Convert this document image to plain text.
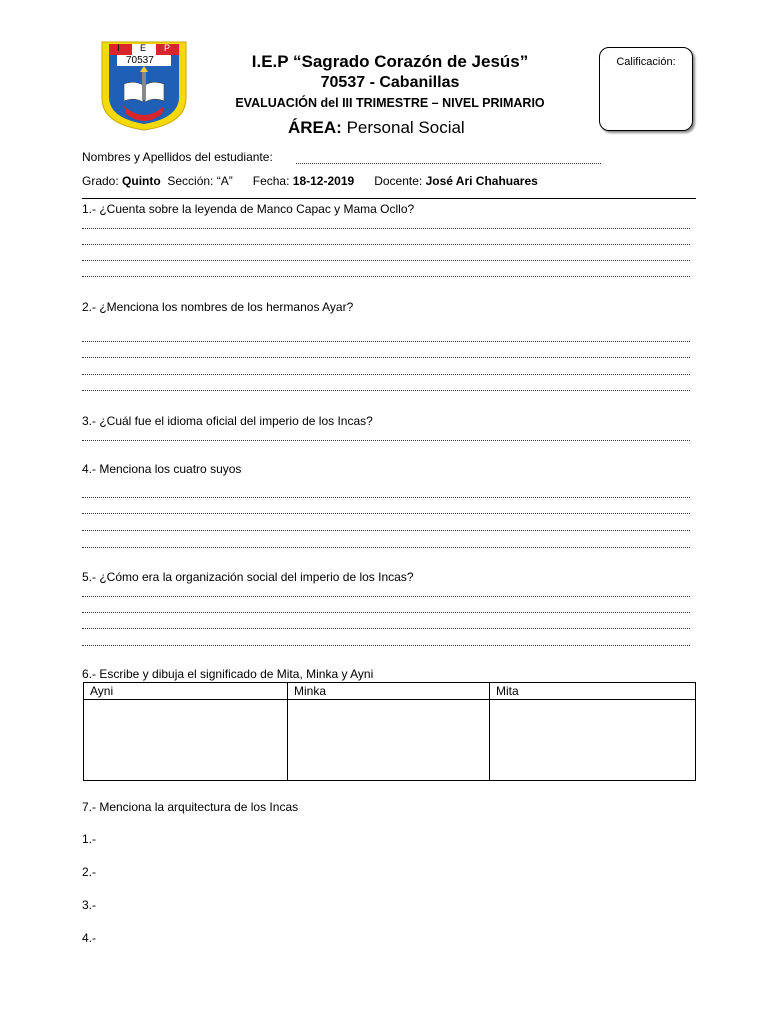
I E P
70537	I.E.P “Sagrado Corazón de Jesús”
70537 - Cabanillas
EVALUACIÓN del III TRIMESTRE – NIVEL PRIMARIO
ÁREA: Personal Social
Calificación:
Nombres y Apellidos del estudiante:
Grado: Quinto Sección: “A” Fecha: 18-12-2019 Docente: José Ari Chahuares
1.- ¿Cuenta sobre la leyenda de Manco Capac y Mama Ocllo?
2.- ¿Menciona los nombres de los hermanos Ayar?
3.- ¿Cuál fue el idioma oficial del imperio de los Incas?
4.- Menciona los cuatro suyos
5.- ¿Cómo era la organización social del imperio de los Incas?
6.- Escribe y dibuja el significado de Mita, Minka y Ayni
Ayni	Minka	Mita

7.- Menciona la arquitectura de los Incas
1.-
2.-
3.-
4.-
